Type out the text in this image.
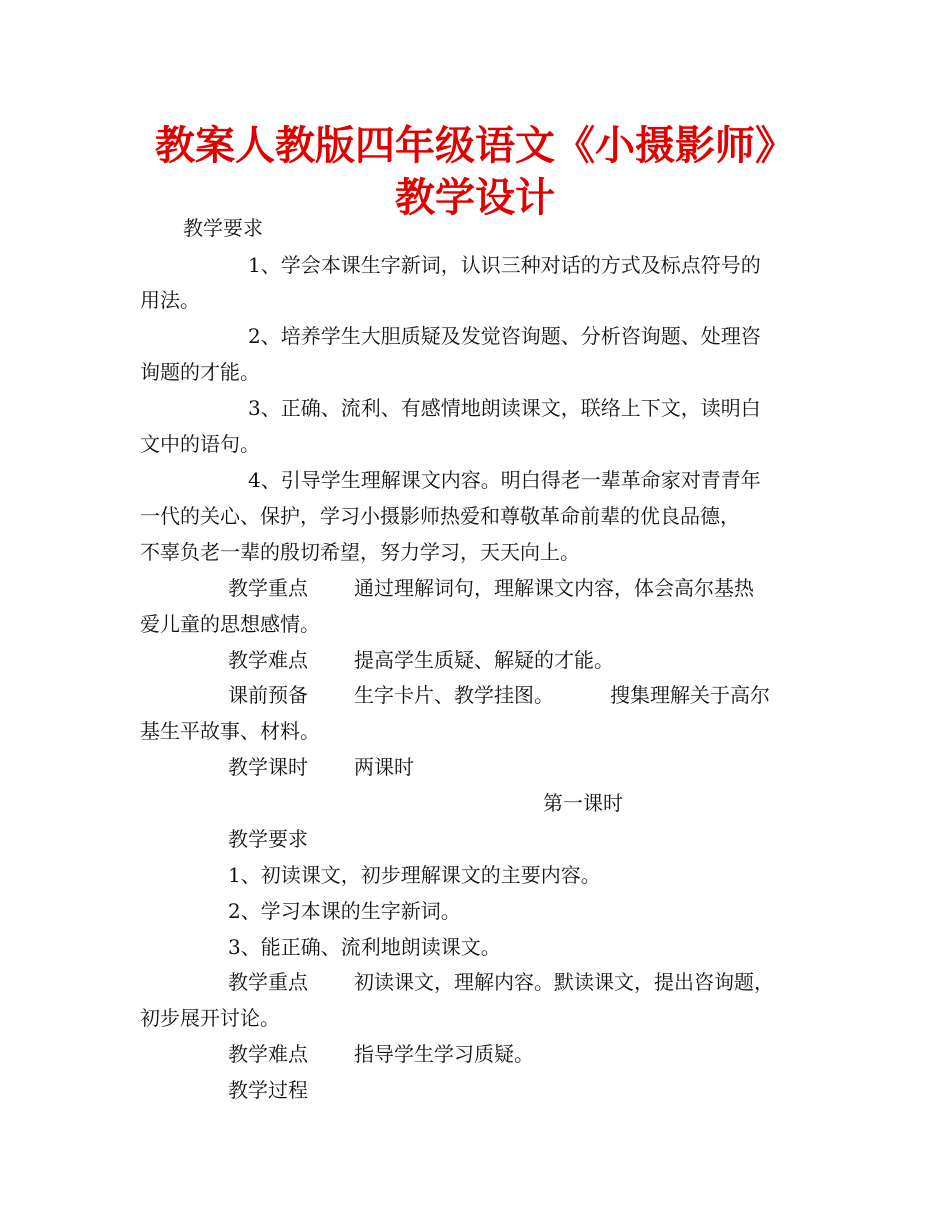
教案人教版四年级语文《小摄影师》教学设计

教学要求

1、学会本课生字新词，认识三种对话的方式及标点符号的

用法。

2、培养学生大胆质疑及发觉咨询题、分析咨询题、处理咨

询题的才能。

3、正确、流利、有感情地朗读课文，联络上下文，读明白

文中的语句。

4、引导学生理解课文内容。明白得老一辈革命家对青青年

一代的关心、保护，学习小摄影师热爱和尊敬革命前辈的优良品德，

不辜负老一辈的殷切希望，努力学习，天天向上。

教学重点 通过理解词句，理解课文内容，体会高尔基热

爱儿童的思想感情。

教学难点 提高学生质疑、解疑的才能。

课前预备 生字卡片、教学挂图。	搜集理解关于高尔

基生平故事、材料。

教学课时 两课时

第一课时

教学要求

1、初读课文，初步理解课文的主要内容。

2、学习本课的生字新词。

3、能正确、流利地朗读课文。

教学重点 初读课文，理解内容。默读课文，提出咨询题，

初步展开讨论。

教学难点 指导学生学习质疑。

教学过程
